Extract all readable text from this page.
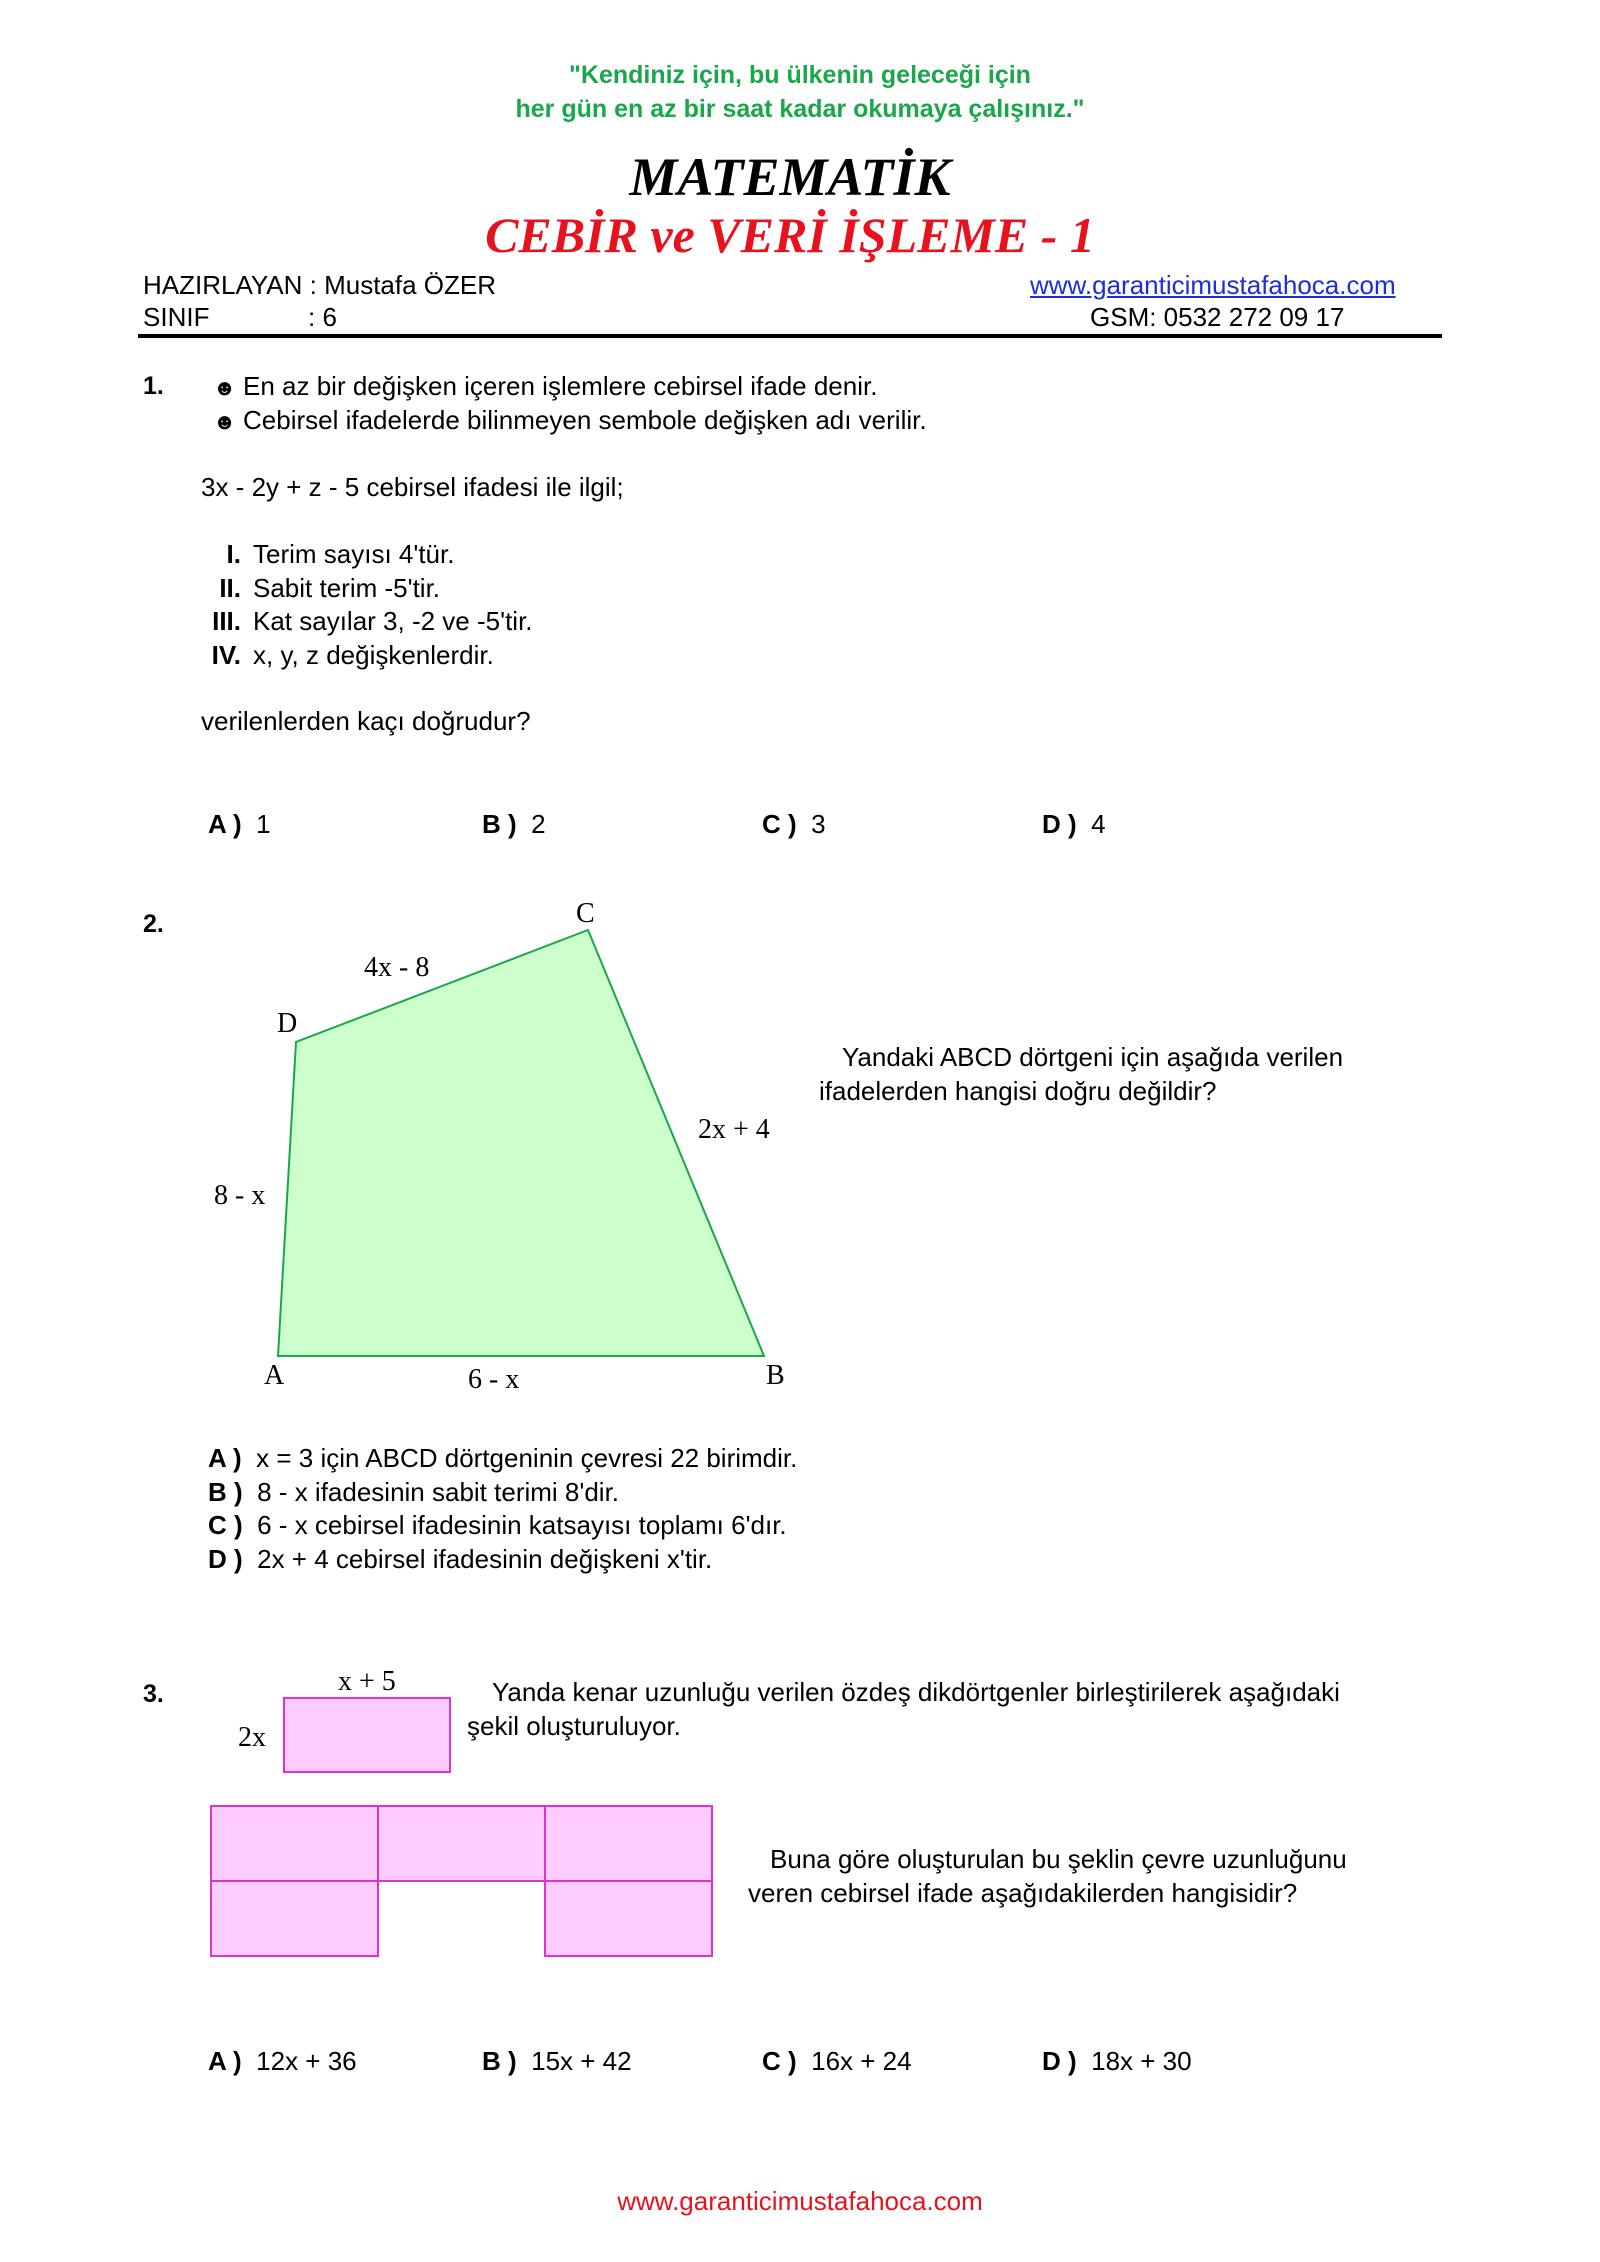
"Kendiniz için, bu ülkenin geleceği için
her gün en az bir saat kadar okumaya çalışınız."
MATEMATİK
CEBİR ve VERİ İŞLEME - 1
HAZIRLAYAN : Mustafa ÖZER
SINIF	: 6
www.garanticimustafahoca.com
GSM: 0532 272 09 17
1. ☻ En az bir değişken içeren işlemlere cebirsel ifade denir.
☻ Cebirsel ifadelerde bilinmeyen sembole değişken adı verilir.
3x - 2y + z - 5 cebirsel ifadesi ile ilgil;
I. Terim sayısı 4'tür.
II. Sabit terim -5'tir.
III. Kat sayılar 3, -2 ve -5'tir.
IV. x, y, z değişkenlerdir.
verilenlerden kaçı doğrudur?
A ) 1	B ) 2	C ) 3	D ) 4
2.
A	B
C
D
4x - 8
2x + 4
8 - x
6 - x
Yandaki ABCD dörtgeni için aşağıda verilen
ifadelerden hangisi doğru değildir?
A ) x = 3 için ABCD dörtgeninin çevresi 22 birimdir.
B ) 8 - x ifadesinin sabit terimi 8'dir.
C ) 6 - x cebirsel ifadesinin katsayısı toplamı 6'dır.
D ) 2x + 4 cebirsel ifadesinin değişkeni x'tir.
3.	x + 5
2x
Yanda kenar uzunluğu verilen özdeş dikdörtgenler birleştirilerek aşağıdaki
şekil oluşturuluyor.
Buna göre oluşturulan bu şeklin çevre uzunluğunu
veren cebirsel ifade aşağıdakilerden hangisidir?
A ) 12x + 36	B ) 15x + 42	C ) 16x + 24	D ) 18x + 30
www.garanticimustafahoca.com
